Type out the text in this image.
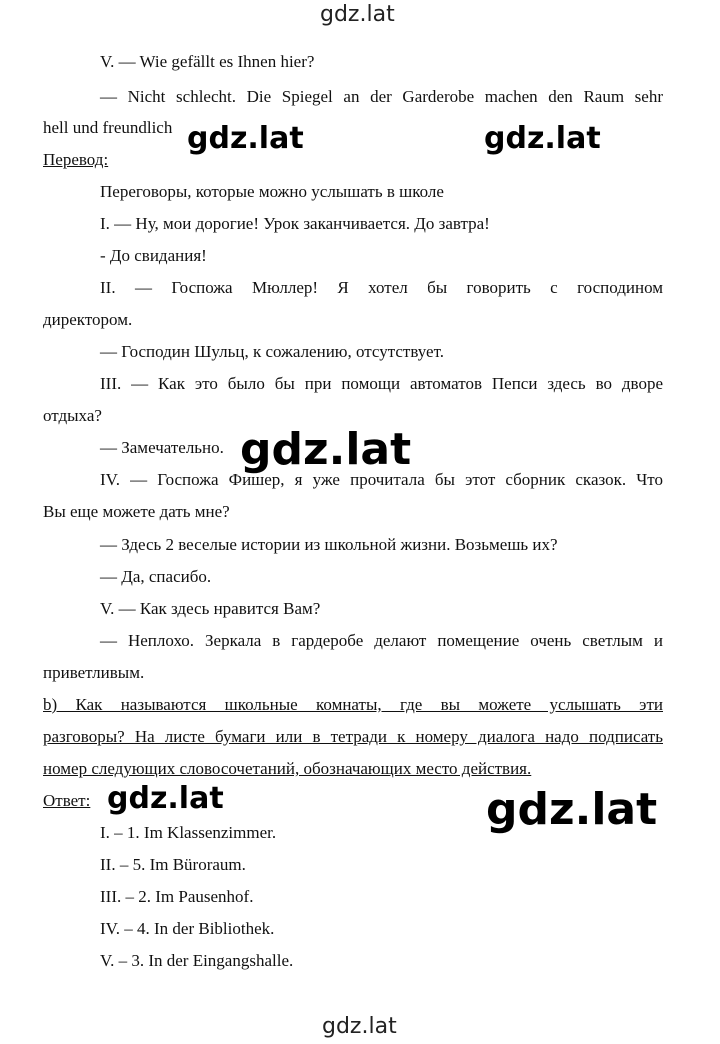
gdz.lat
V. — Wie gefällt es Ihnen hier?
— Nicht schlecht. Die Spiegel an der Garderobe machen den Raum sehr
hell und freundlich
Перевод:
Переговоры, которые можно услышать в школе
I. — Ну, мои дорогие! Урок заканчивается. До завтра!
- До свидания!
II. — Госпожа Мюллер! Я хотел бы говорить с господином
директором.
— Господин Шульц, к сожалению, отсутствует.
III. — Как это было бы при помощи автоматов Пепси здесь во дворе
отдыха?
— Замечательно.
IV. — Госпожа Фишер, я уже прочитала бы этот сборник сказок. Что
Вы еще можете дать мне?
— Здесь 2 веселые истории из школьной жизни. Возьмешь их?
— Да, спасибо.
V. — Как здесь нравится Вам?
— Неплохо. Зеркала в гардеробе делают помещение очень светлым и
приветливым.
b) Как называются школьные комнаты, где вы можете услышать эти
разговоры? На листе бумаги или в тетради к номеру диалога надо подписать
номер следующих словосочетаний, обозначающих место действия.
Ответ:
I. – 1. Im Klassenzimmer.
II. – 5. Im Büroraum.
III. – 2. Im Pausenhof.
IV. – 4. In der Bibliothek.
V. – 3. In der Eingangshalle.
gdz.lat	gdz.lat
gdz.lat
gdz.lat	gdz.lat
gdz.lat
